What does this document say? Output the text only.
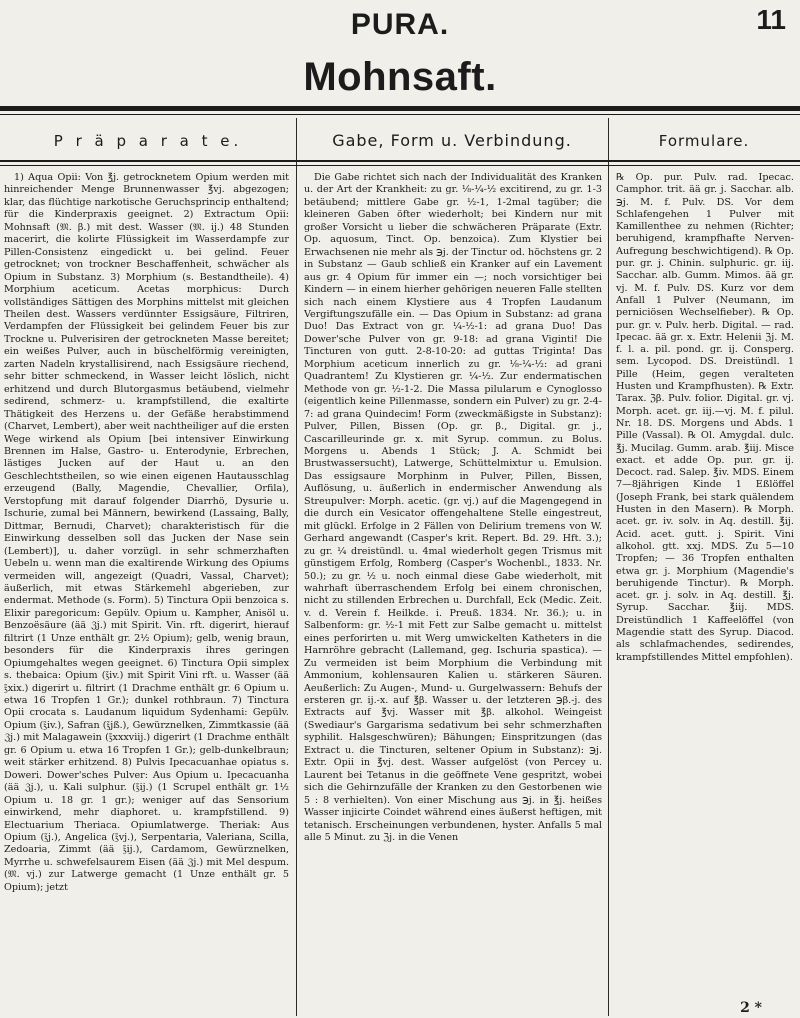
PURA.	11
Mohnsaft.
P r ä p a r a t e.	Gabe, Form u. Verbindung.	Formulare.

1) Aqua Opii: Von ℥j. getrocknetem Opium werden mit hinreichender Menge Brunnenwasser ℥vj. abgezogen; klar, das flüchtige narkotische Geruchsprincip enthaltend; für die Kinderpraxis geeignet. 2) Extractum Opii: Mohnsaft (𝔐. β.) mit dest. Wasser (𝔐. ij.) 48 Stunden macerirt, die kolirte Flüssigkeit im Wasserdampfe zur Pillen-Consistenz eingedickt u. bei gelind. Feuer getrocknet; von trockner Beschaffenheit, schwächer als Opium in Substanz. 3) Morphium (s. Bestandtheile). 4) Morphium aceticum. Acetas morphicus: Durch vollständiges Sättigen des Morphins mittelst mit gleichen Theilen dest. Wassers verdünnter Essigsäure, Filtriren, Verdampfen der Flüssigkeit bei gelindem Feuer bis zur Trockne u. Pulverisiren der getrockneten Masse bereitet; ein weißes Pulver, auch in büschelförmig vereinigten, zarten Nadeln krystallisirend, nach Essigsäure riechend, sehr bitter schmeckend, in Wasser leicht löslich, nicht erhitzend und durch Blutorgasmus betäubend, vielmehr sedirend, schmerz- u. krampfstillend, die exaltirte Thätigkeit des Herzens u. der Gefäße herabstimmend (Charvet, Lembert), aber weit nachtheiliger auf die ersten Wege wirkend als Opium [bei intensiver Einwirkung Brennen im Halse, Gastro- u. Enterodynie, Erbrechen, lästiges Jucken auf der Haut u. an den Geschlechtstheilen, so wie einen eigenen Hautausschlag erzeugend (Bally, Magendie, Chevallier, Orfila), Verstopfung mit darauf folgender Diarrhö, Dysurie u. Ischurie, zumal bei Männern, bewirkend (Lassaing, Bally, Dittmar, Bernudi, Charvet); charakteristisch für die Einwirkung desselben soll das Jucken der Nase sein (Lembert)], u. daher vorzügl. in sehr schmerzhaften Uebeln u. wenn man die exaltirende Wirkung des Opiums vermeiden will, angezeigt (Quadri, Vassal, Charvet); äußerlich, mit etwas Stärkemehl abgerieben, zur endermat. Methode (s. Form). 5) Tinctura Opii benzoica s. Elixir paregoricum: Gepülv. Opium u. Kampher, Anisöl u. Benzoësäure (ää ℨj.) mit Spirit. Vin. rft. digerirt, hierauf filtrirt (1 Unze enthält gr. 2½ Opium); gelb, wenig braun, besonders für die Kinderpraxis ihres geringen Opiumgehaltes wegen geeignet. 6) Tinctura Opii simplex s. thebaica: Opium (℥iv.) mit Spirit Vini rft. u. Wasser (ää ℥xix.) digerirt u. filtrirt (1 Drachme enthält gr. 6 Opium u. etwa 16 Tropfen 1 Gr.); dunkel rothbraun. 7) Tinctura Opii crocata s. Laudanum liquidum Sydenhami: Gepülv. Opium (℥iv.), Safran (℥jß.), Gewürznelken, Zimmtkassie (ää ℨj.) mit Malagawein (℥xxxviij.) digerirt (1 Drachme enthält gr. 6 Opium u. etwa 16 Tropfen 1 Gr.); gelb-dunkelbraun; weit stärker erhitzend. 8) Pulvis Ipecacuanhae opiatus s. Doweri. Dower'sches Pulver: Aus Opium u. Ipecacuanha (ää ℨj.), u. Kali sulphur. (℥ij.) (1 Scrupel enthält gr. 1½ Opium u. 18 gr. 1 gr.); weniger auf das Sensorium einwirkend, mehr diaphoret. u. krampfstillend. 9) Electuarium Theriaca. Opiumlatwerge. Theriak: Aus Opium (℥j.), Angelica (℥vj.), Serpentaria, Valeriana, Scilla, Zedoaria, Zimmt (ää ℥ij.), Cardamom, Gewürznelken, Myrrhe u. schwefelsaurem Eisen (ää ℨj.) mit Mel despum. (𝔐. vj.) zur Latwerge gemacht (1 Unze enthält gr. 5 Opium); jetzt

Die Gabe richtet sich nach der Individualität des Kranken u. der Art der Krankheit: zu gr. ⅛-¼-½ excitirend, zu gr. 1-3 betäubend; mittlere Gabe gr. ½-1, 1-2mal tagüber; die kleineren Gaben öfter wiederholt; bei Kindern nur mit großer Vorsicht u lieber die schwächeren Präparate (Extr. Op. aquosum, Tinct. Op. benzoica). Zum Klystier bei Erwachsenen nie mehr als ℈j. der Tinctur od. höchstens gr. 2 in Substanz — Gaub schließ ein Kranker auf ein Lavement aus gr. 4 Opium für immer ein —; noch vorsichtiger bei Kindern — in einem hierher gehörigen neueren Falle stellten sich nach einem Klystiere aus 4 Tropfen Laudanum Vergiftungszufälle ein. — Das Opium in Substanz: ad grana Duo! Das Extract von gr. ¼-½-1: ad grana Duo! Das Dower'sche Pulver von gr. 9-18: ad grana Viginti! Die Tincturen von gutt. 2-8-10-20: ad guttas Triginta! Das Morphium aceticum innerlich zu gr. ⅛-¼-½: ad grani Quadrantem! Zu Klystieren gr. ¼-½. Zur endermatischen Methode von gr. ½-1-2. Die Massa pilularum e Cynoglosso (eigentlich keine Pillenmasse, sondern ein Pulver) zu gr. 2-4-7: ad grana Quindecim! Form (zweckmäßigste in Substanz): Pulver, Pillen, Bissen (Op. gr. β., Digital. gr. j., Cascarilleurinde gr. x. mit Syrup. commun. zu Bolus. Morgens u. Abends 1 Stück; J. A. Schmidt bei Brustwassersucht), Latwerge, Schüttelmixtur u. Emulsion. Das essigsaure Morphinm in Pulver, Pillen, Bissen, Auflösung, u. äußerlich in endermischer Anwendung als Streupulver: Morph. acetic. (gr. vj.) auf die Magengegend in die durch ein Vesicator offengehaltene Stelle eingestreut, mit glückl. Erfolge in 2 Fällen von Delirium tremens von W. Gerhard angewandt (Casper's krit. Repert. Bd. 29. Hft. 3.); zu gr. ¼ dreistündl. u. 4mal wiederholt gegen Trismus mit günstigem Erfolg, Romberg (Casper's Wochenbl., 1833. Nr. 50.); zu gr. ½ u. noch einmal diese Gabe wiederholt, mit wahrhaft überraschendem Erfolg bei einem chronischen, nicht zu stillenden Erbrechen u. Durchfall, Eck (Medic. Zeit. v. d. Verein f. Heilkde. i. Preuß. 1834. Nr. 36.); u. in Salbenform: gr. ½-1 mit Fett zur Salbe gemacht u. mittelst eines perforirten u. mit Werg umwickelten Katheters in die Harnröhre gebracht (Lallemand, geg. Ischuria spastica). — Zu vermeiden ist beim Morphium die Verbindung mit Ammonium, kohlensauren Kalien u. stärkeren Säuren. Aeußerlich: Zu Augen-, Mund- u. Gurgelwassern: Behufs der ersteren gr. ij.-x. auf ℥β. Wasser u. der letzteren ℈β.-j. des Extracts auf ℥vj. Wasser mit ℥β. alkohol. Weingeist (Swediaur's Gargarisma sedativum bei sehr schmerzhaften syphilit. Halsgeschwüren); Bähungen; Einspritzungen (das Extract u. die Tincturen, seltener Opium in Substanz): ℈j. Extr. Opii in ℥vj. dest. Wasser aufgelöst (von Percey u. Laurent bei Tetanus in die geöffnete Vene gespritzt, wobei sich die Gehirnzufälle der Kranken zu den Gestorbenen wie 5 : 8 verhielten). Von einer Mischung aus ℈j. in ℥j. heißes Wasser injicirte Coindet während eines äußerst heftigen, mit tetanisch. Erscheinungen verbundenen, hyster. Anfalls 5 mal alle 5 Minut. zu ℨj. in die Venen

℞ Op. pur. Pulv. rad. Ipecac. Camphor. trit. ää gr. j. Sacchar. alb. ℈j. M. f. Pulv. DS. Vor dem Schlafengehen 1 Pulver mit Kamillenthee zu nehmen (Richter; beruhigend, krampfhafte Nerven-Aufregung beschwichtigend). ℞ Op. pur. gr. j. Chinin. sulphuric. gr. iij. Sacchar. alb. Gumm. Mimos. ää gr. vj. M. f. Pulv. DS. Kurz vor dem Anfall 1 Pulver (Neumann, im perniciösen Wechselfieber). ℞ Op. pur. gr. v. Pulv. herb. Digital. — rad. Ipecac. ää gr. x. Extr. Helenii ℨj. M. f. l. a. pil. pond. gr. ij. Consperg. sem. Lycopod. DS. Dreistündl. 1 Pille (Heim, gegen veralteten Husten und Krampfhusten). ℞ Extr. Tarax. ℨβ. Pulv. folior. Digital. gr. vj. Morph. acet. gr. iij.—vj. M. f. pilul. Nr. 18. DS. Morgens und Abds. 1 Pille (Vassal). ℞ Ol. Amygdal. dulc. ℥j. Mucilag. Gumm. arab. ℥iij. Misce exact. et adde Op. pur. gr. ij. Decoct. rad. Salep. ℥iv. MDS. Einem 7—8jährigen Kinde 1 Eßlöffel (Joseph Frank, bei stark quälendem Husten in den Masern). ℞ Morph. acet. gr. iv. solv. in Aq. destill. ℥ij. Acid. acet. gutt. j. Spirit. Vini alkohol. gtt. xxj. MDS. Zu 5—10 Tropfen; — 36 Tropfen enthalten etwa gr. j. Morphium (Magendie's beruhigende Tinctur). ℞ Morph. acet. gr. j. solv. in Aq. destill. ℥j. Syrup. Sacchar. ℥iij. MDS. Dreistündlich 1 Kaffeelöffel (von Magendie statt des Syrup. Diacod. als schlafmachendes, sedirendes, krampfstillendes Mittel empfohlen).

2 *
